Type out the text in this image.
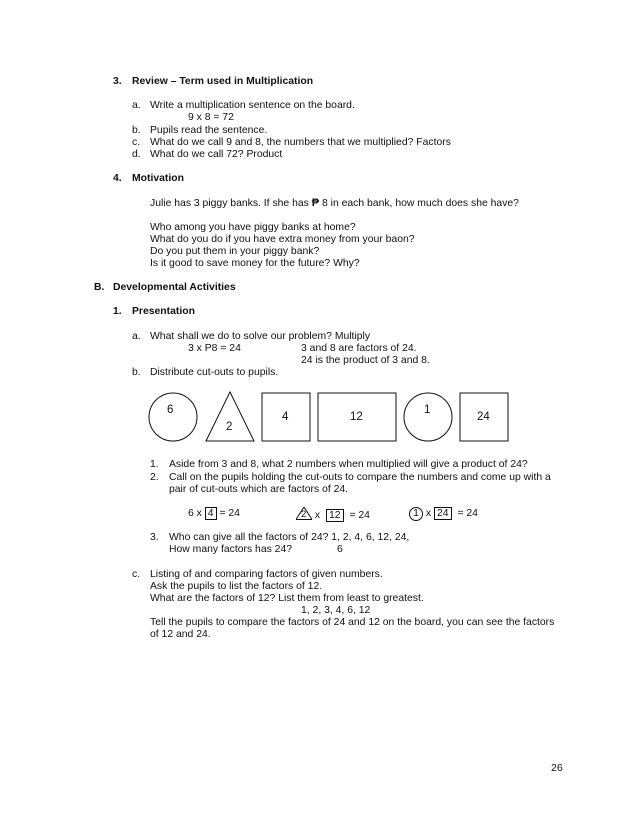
3. Review – Term used in Multiplication
a. Write a multiplication sentence on the board.
9 x 8 = 72
b. Pupils read the sentence.
c. What do we call 9 and 8, the numbers that we multiplied? Factors
d. What do we call 72? Product
4. Motivation
Julie has 3 piggy banks. If she has ₱ 8 in each bank, how much does she have?
Who among you have piggy banks at home?
What do you do if you have extra money from your baon?
Do you put them in your piggy bank?
Is it good to save money for the future? Why?
B. Developmental Activities
1. Presentation
a. What shall we do to solve our problem? Multiply
3 x P8 = 24	3 and 8 are factors of 24.
24 is the product of 3 and 8.
b. Distribute cut-outs to pupils.
6
2
4	12
1
24
1. Aside from 3 and 8, what 2 numbers when multiplied will give a product of 24?
2. Call on the pupils holding the cut-outs to compare the numbers and come up with a
pair of cut-outs which are factors of 24.
6 x 4 = 24	2 x 12 = 24	1 x 24 = 24
3. Who can give all the factors of 24? 1, 2, 4, 6, 12, 24,
How many factors has 24?	6
c. Listing of and comparing factors of given numbers.
Ask the pupils to list the factors of 12.
What are the factors of 12? List them from least to greatest.
1, 2, 3, 4, 6, 12
Tell the pupils to compare the factors of 24 and 12 on the board, you can see the factors
of 12 and 24.
26
